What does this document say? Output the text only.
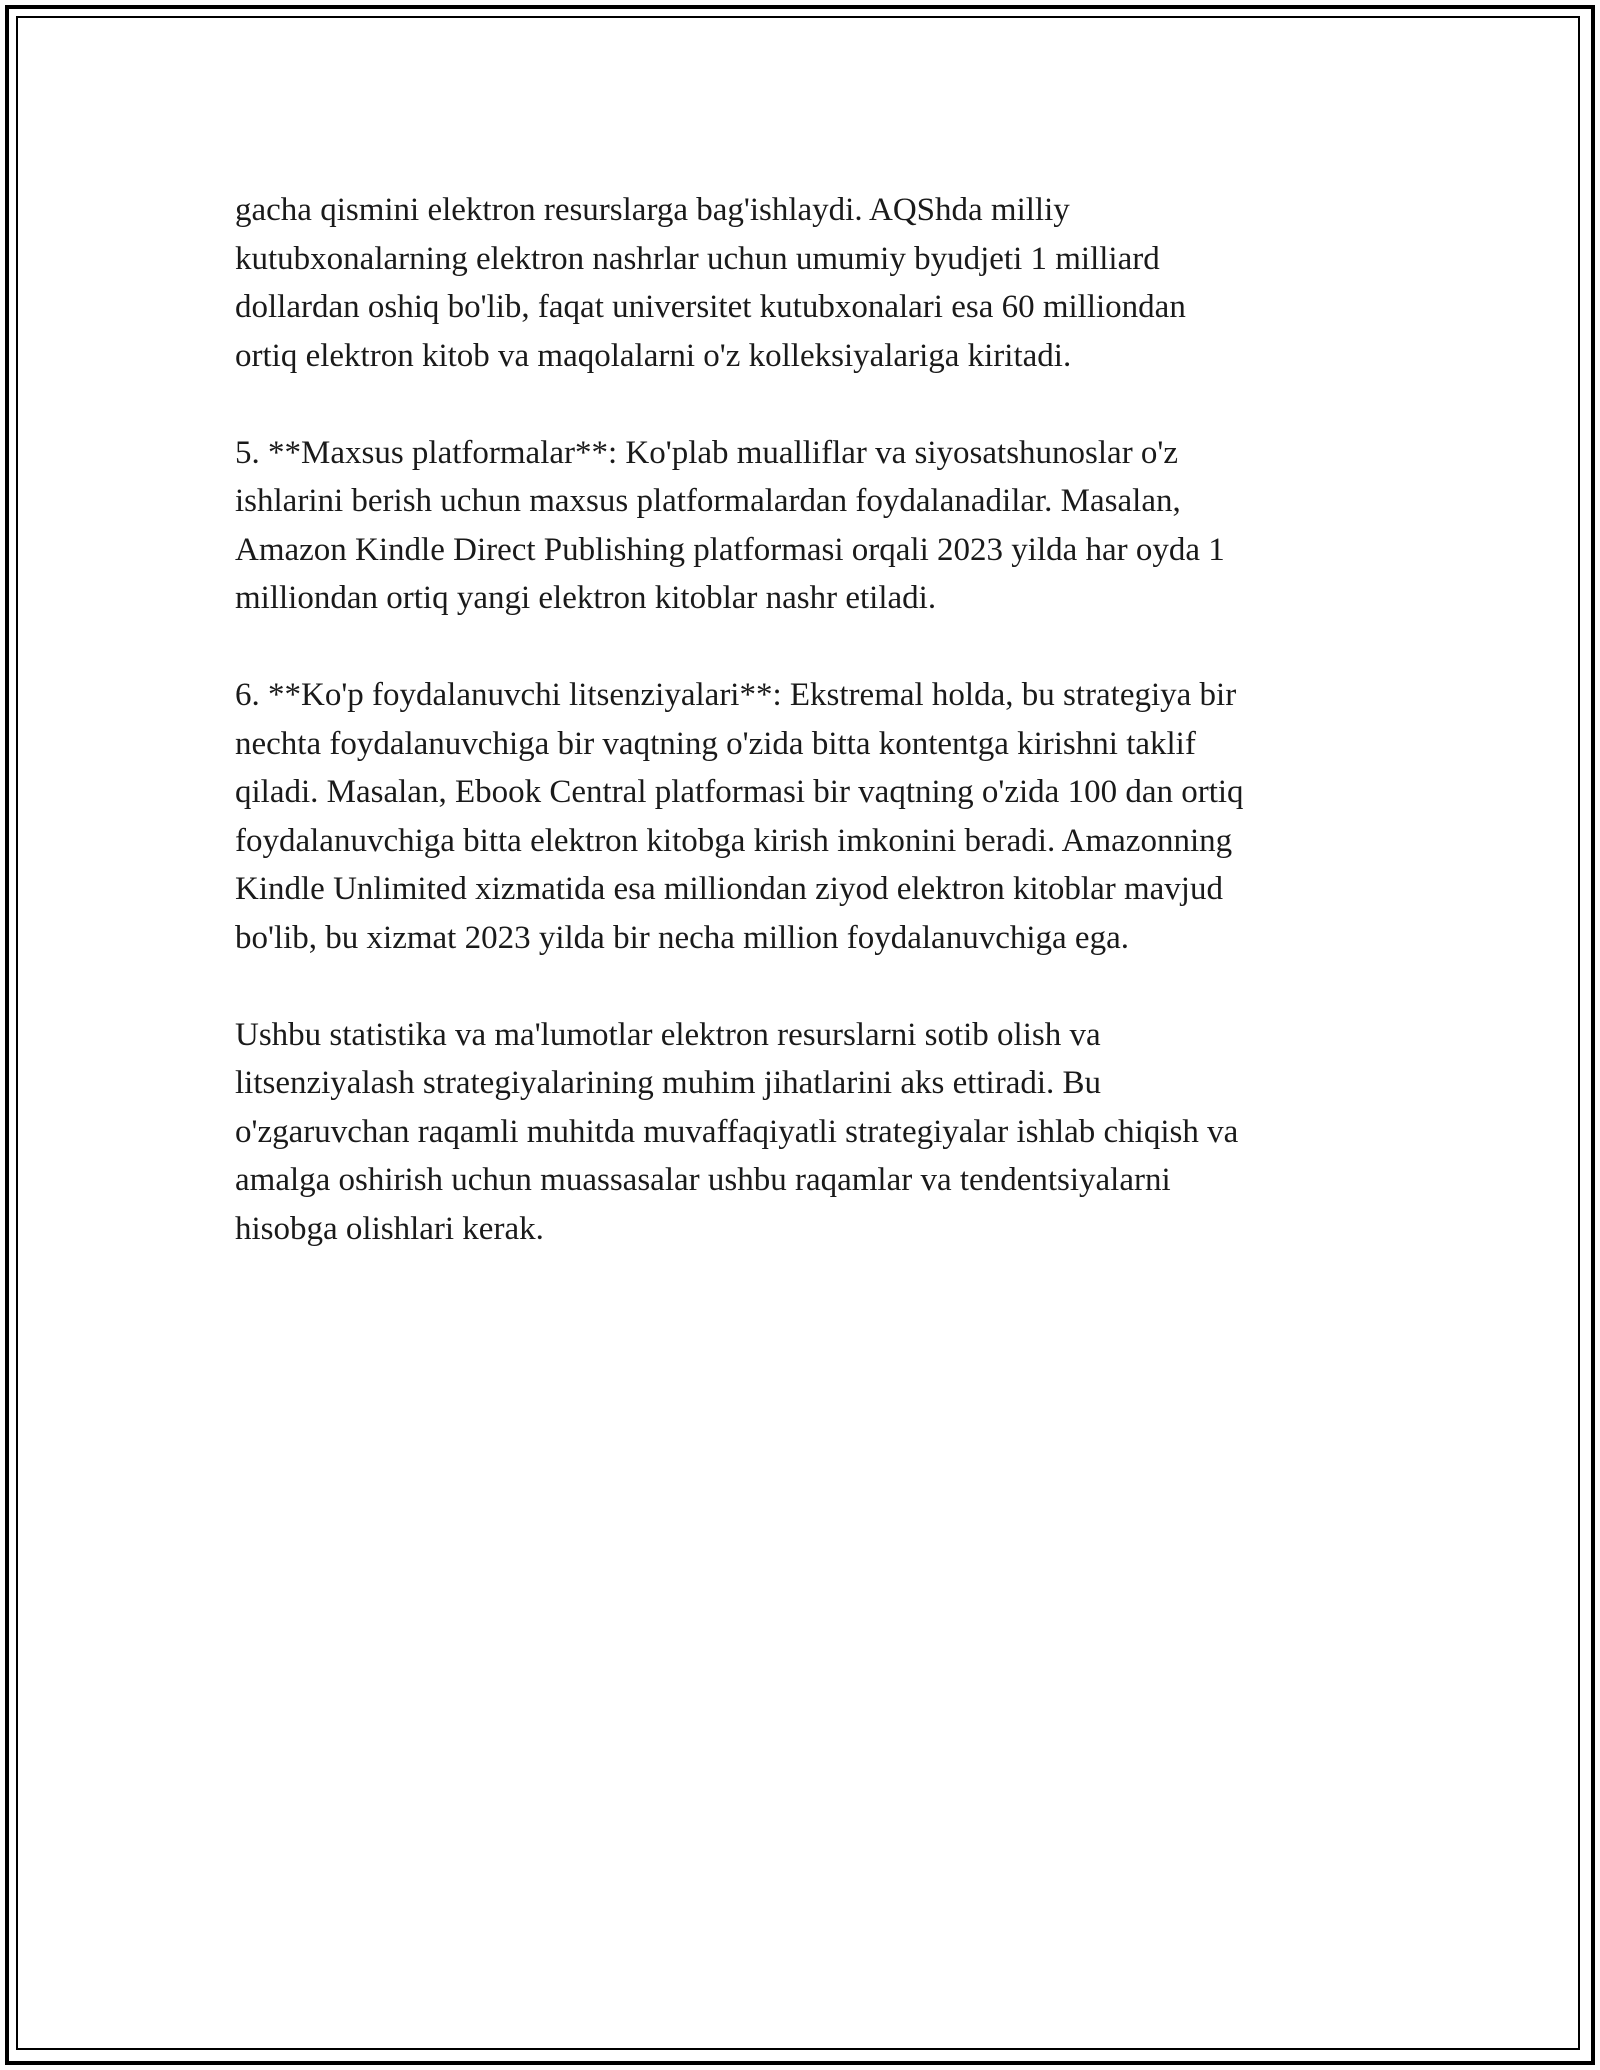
gacha qismini elektron resurslarga bag'ishlaydi. AQShda milliy
kutubxonalarning elektron nashrlar uchun umumiy byudjeti 1 milliard
dollardan oshiq bo'lib, faqat universitet kutubxonalari esa 60 milliondan
ortiq elektron kitob va maqolalarni o'z kolleksiyalariga kiritadi.

5. **Maxsus platformalar**: Ko'plab mualliflar va siyosatshunoslar o'z
ishlarini berish uchun maxsus platformalardan foydalanadilar. Masalan,
Amazon Kindle Direct Publishing platformasi orqali 2023 yilda har oyda 1
milliondan ortiq yangi elektron kitoblar nashr etiladi.

6. **Ko'p foydalanuvchi litsenziyalari**: Ekstremal holda, bu strategiya bir
nechta foydalanuvchiga bir vaqtning o'zida bitta kontentga kirishni taklif
qiladi. Masalan, Ebook Central platformasi bir vaqtning o'zida 100 dan ortiq
foydalanuvchiga bitta elektron kitobga kirish imkonini beradi. Amazonning
Kindle Unlimited xizmatida esa milliondan ziyod elektron kitoblar mavjud
bo'lib, bu xizmat 2023 yilda bir necha million foydalanuvchiga ega.

Ushbu statistika va ma'lumotlar elektron resurslarni sotib olish va
litsenziyalash strategiyalarining muhim jihatlarini aks ettiradi. Bu
o'zgaruvchan raqamli muhitda muvaffaqiyatli strategiyalar ishlab chiqish va
amalga oshirish uchun muassasalar ushbu raqamlar va tendentsiyalarni
hisobga olishlari kerak.
